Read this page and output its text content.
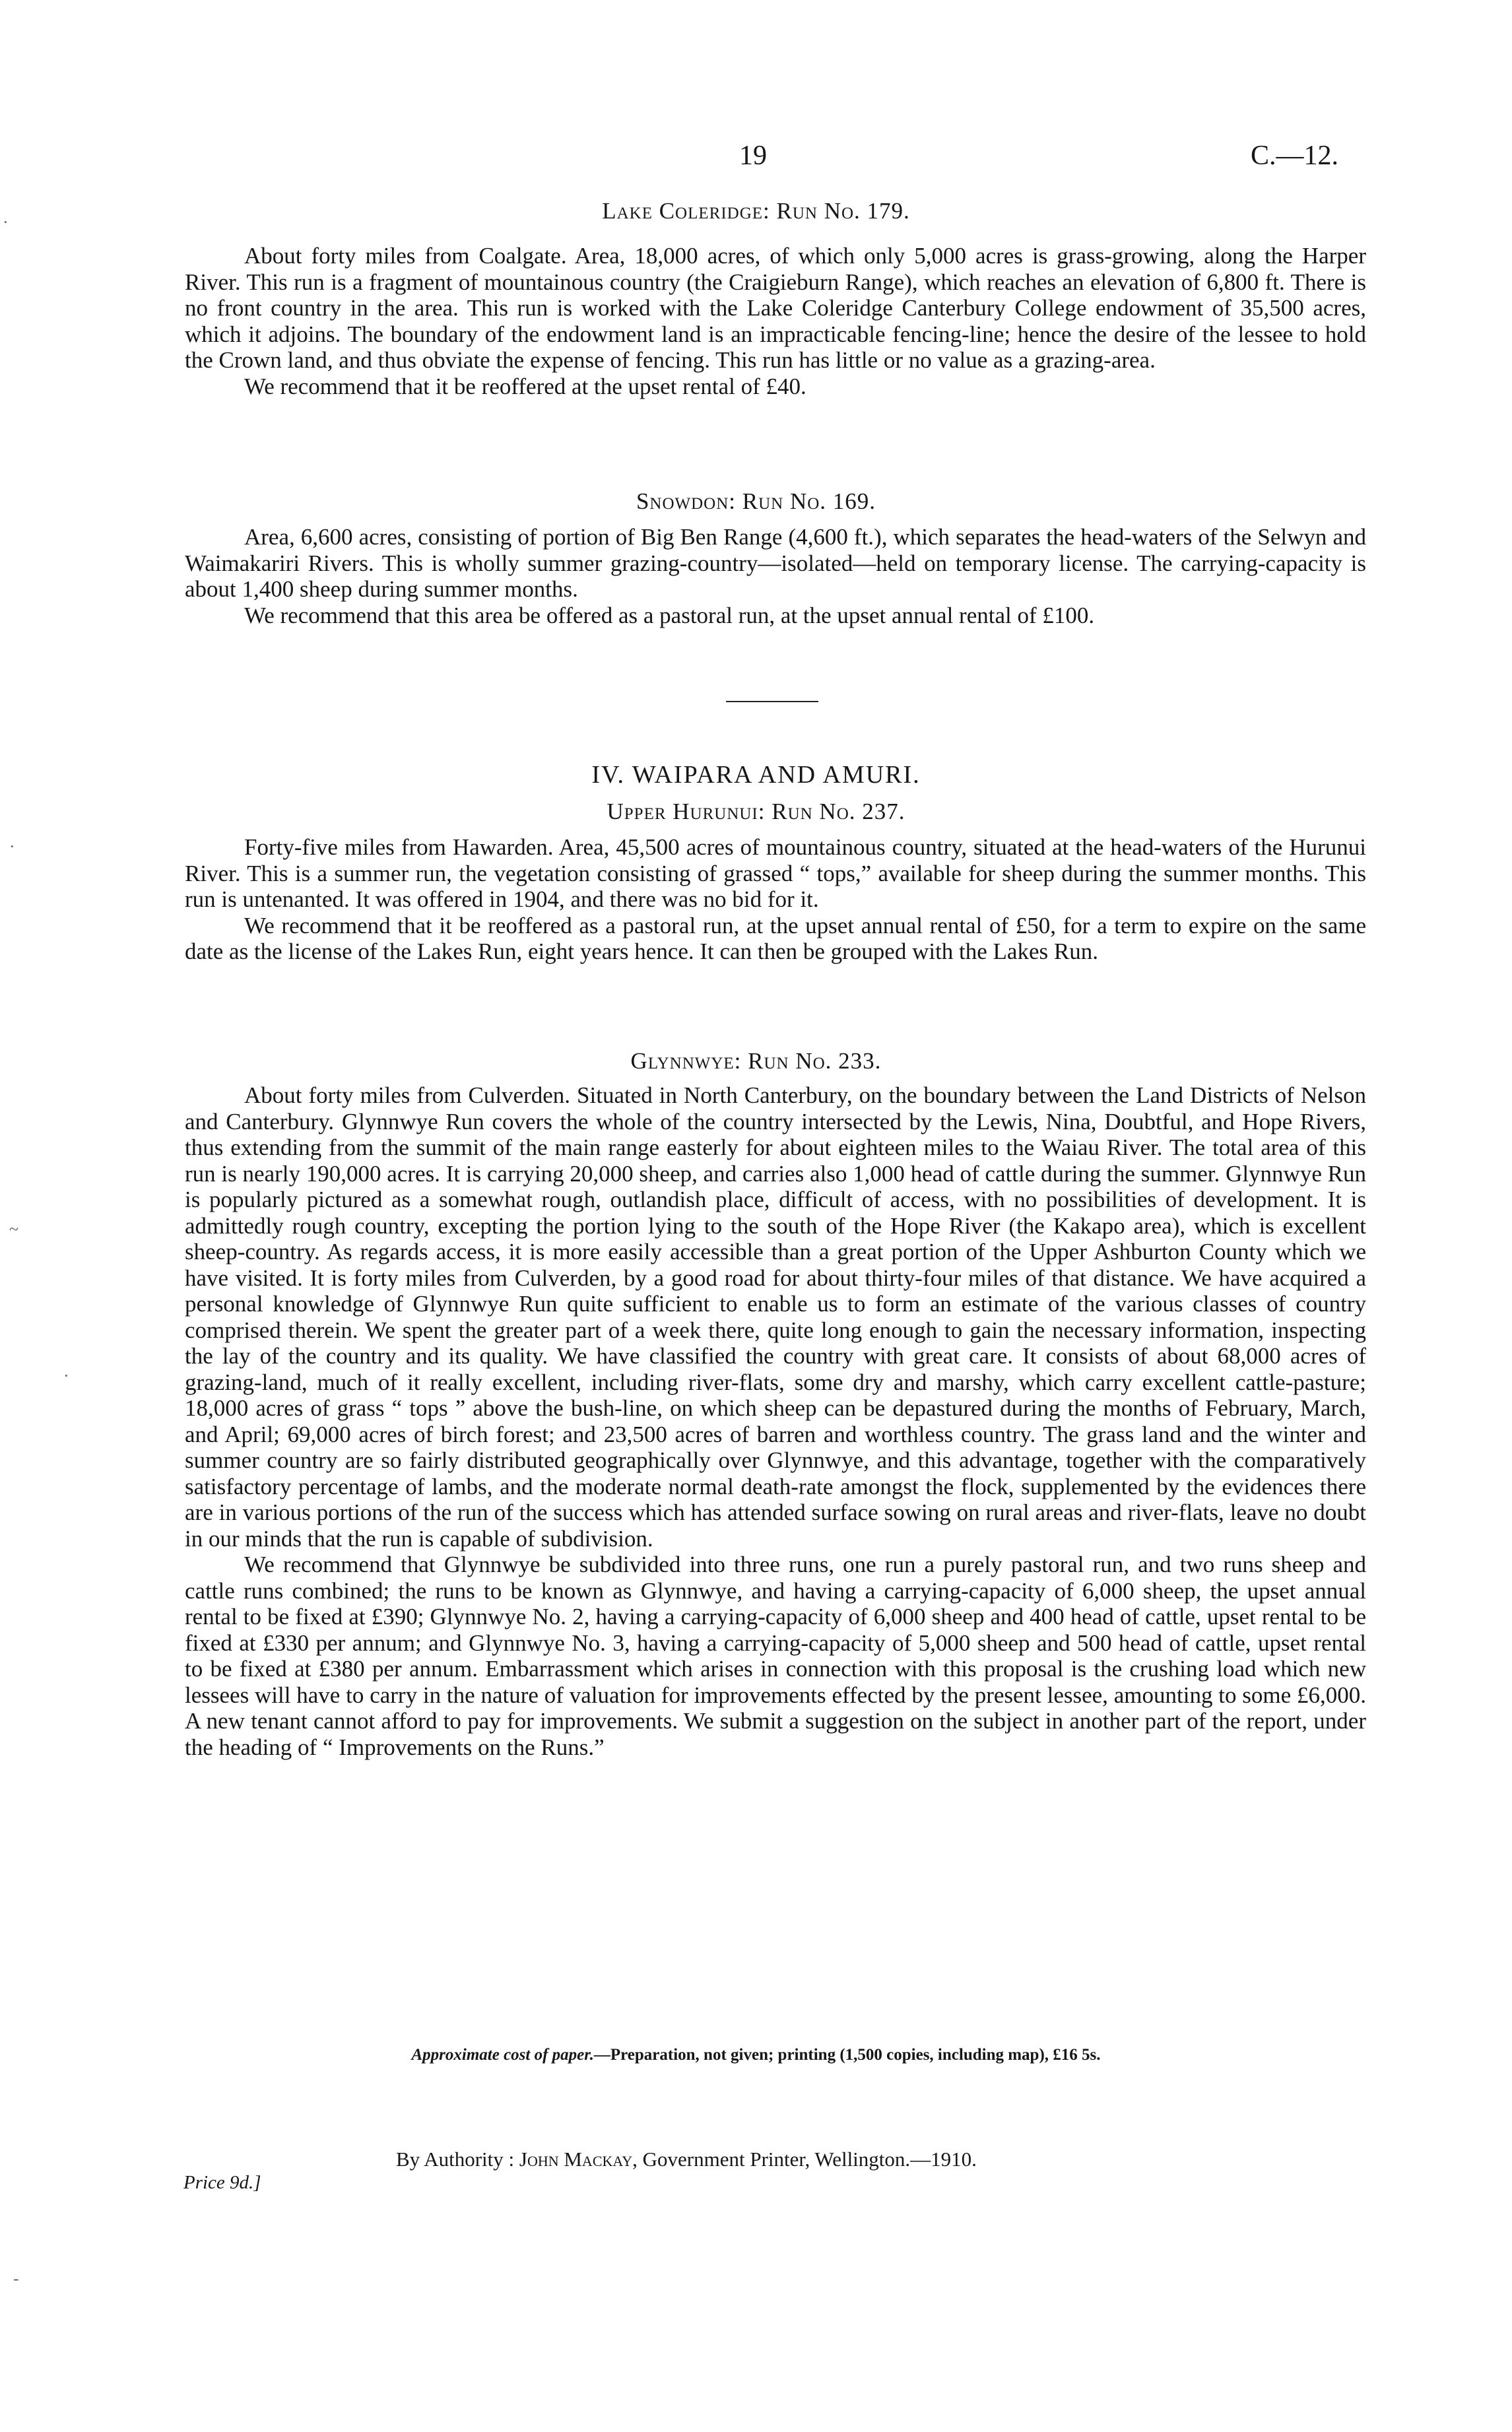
19	C.—12.
Lake Coleridge: Run No. 179.

About forty miles from Coalgate. Area, 18,000 acres, of which only 5,000 acres is grass-growing, along the Harper River. This run is a fragment of mountainous country (the Craigieburn Range), which reaches an elevation of 6,800 ft. There is no front country in the area. This run is worked with the Lake Coleridge Canterbury College endowment of 35,500 acres, which it adjoins. The boundary of the endowment land is an impracticable fencing-line; hence the desire of the lessee to hold the Crown land, and thus obviate the expense of fencing. This run has little or no value as a grazing-area.

We recommend that it be reoffered at the upset rental of £40.

Snowdon: Run No. 169.

Area, 6,600 acres, consisting of portion of Big Ben Range (4,600 ft.), which separates the head-waters of the Selwyn and Waimakariri Rivers. This is wholly summer grazing-country—isolated—held on temporary license. The carrying-capacity is about 1,400 sheep during summer months.

We recommend that this area be offered as a pastoral run, at the upset annual rental of £100.

IV. WAIPARA AND AMURI.
Upper Hurunui: Run No. 237.

Forty-five miles from Hawarden. Area, 45,500 acres of mountainous country, situated at the head-waters of the Hurunui River. This is a summer run, the vegetation consisting of grassed “ tops,” available for sheep during the summer months. This run is untenanted. It was offered in 1904, and there was no bid for it.

We recommend that it be reoffered as a pastoral run, at the upset annual rental of £50, for a term to expire on the same date as the license of the Lakes Run, eight years hence. It can then be grouped with the Lakes Run.

Glynnwye: Run No. 233.

About forty miles from Culverden. Situated in North Canterbury, on the boundary between the Land Districts of Nelson and Canterbury. Glynnwye Run covers the whole of the country intersected by the Lewis, Nina, Doubtful, and Hope Rivers, thus extending from the summit of the main range easterly for about eighteen miles to the Waiau River. The total area of this run is nearly 190,000 acres. It is carrying 20,000 sheep, and carries also 1,000 head of cattle during the summer. Glynnwye Run is popularly pictured as a somewhat rough, outlandish place, difficult of access, with no possibilities of development. It is admittedly rough country, excepting the portion lying to the south of the Hope River (the Kakapo area), which is excellent sheep-country. As regards access, it is more easily accessible than a great portion of the Upper Ashburton County which we have visited. It is forty miles from Culverden, by a good road for about thirty-four miles of that distance. We have acquired a personal knowledge of Glynnwye Run quite sufficient to enable us to form an estimate of the various classes of country comprised therein. We spent the greater part of a week there, quite long enough to gain the necessary information, inspecting the lay of the country and its quality. We have classified the country with great care. It consists of about 68,000 acres of grazing-land, much of it really excellent, including river-flats, some dry and marshy, which carry excellent cattle-pasture; 18,000 acres of grass “ tops ” above the bush-line, on which sheep can be depastured during the months of February, March, and April; 69,000 acres of birch forest; and 23,500 acres of barren and worthless country. The grass land and the winter and summer country are so fairly distributed geographically over Glynnwye, and this advantage, together with the comparatively satisfactory percentage of lambs, and the moderate normal death-rate amongst the flock, supplemented by the evidences there are in various portions of the run of the success which has attended surface sowing on rural areas and river-flats, leave no doubt in our minds that the run is capable of subdivision.

We recommend that Glynnwye be subdivided into three runs, one run a purely pastoral run, and two runs sheep and cattle runs combined; the runs to be known as Glynnwye, and having a carrying-capacity of 6,000 sheep, the upset annual rental to be fixed at £390; Glynnwye No. 2, having a carrying-capacity of 6,000 sheep and 400 head of cattle, upset rental to be fixed at £330 per annum; and Glynnwye No. 3, having a carrying-capacity of 5,000 sheep and 500 head of cattle, upset rental to be fixed at £380 per annum. Embarrassment which arises in connection with this proposal is the crushing load which new lessees will have to carry in the nature of valuation for improvements effected by the present lessee, amounting to some £6,000. A new tenant cannot afford to pay for improvements. We submit a suggestion on the subject in another part of the report, under the heading of “ Improvements on the Runs.”

Approximate cost of paper.—Preparation, not given; printing (1,500 copies, including map), £16 5s.
By Authority : John Mackay, Government Printer, Wellington.—1910.
Price 9d.]
·
·
~
·
-
